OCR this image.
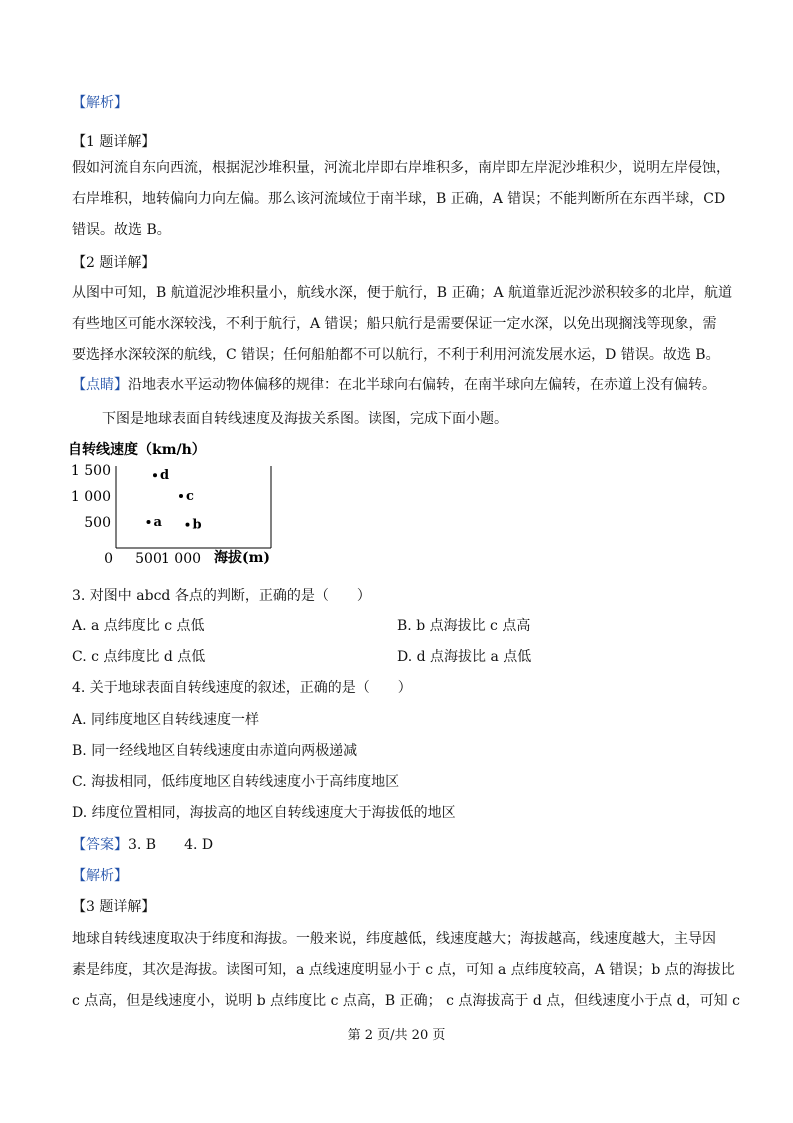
【解析】
【1 题详解】
假如河流自东向西流，根据泥沙堆积量，河流北岸即右岸堆积多，南岸即左岸泥沙堆积少，说明左岸侵蚀，
右岸堆积，地转偏向力向左偏。那么该河流域位于南半球，B 正确，A 错误；不能判断所在东西半球，CD
错误。故选 B。
【2 题详解】
从图中可知，B 航道泥沙堆积量小，航线水深，便于航行，B 正确；A 航道靠近泥沙淤积较多的北岸，航道
有些地区可能水深较浅，不利于航行，A 错误；船只航行是需要保证一定水深，以免出现搁浅等现象，需
要选择水深较深的航线，C 错误；任何船舶都不可以航行，不利于利用河流发展水运，D 错误。故选 B。
【点睛】沿地表水平运动物体偏移的规律：在北半球向右偏转，在南半球向左偏转，在赤道上没有偏转。
下图是地球表面自转线速度及海拔关系图。读图，完成下面小题。
自转线速度（km/h）
1 500
1 000
500
0 500 1 000
a b
c
d
海拔(m)
3. 对图中 abcd 各点的判断，正确的是（　　）
A. a 点纬度比 c 点低	B. b 点海拔比 c 点高
C. c 点纬度比 d 点低	D. d 点海拔比 a 点低
4. 关于地球表面自转线速度的叙述，正确的是（　　）
A. 同纬度地区自转线速度一样
B. 同一经线地区自转线速度由赤道向两极递减
C. 海拔相同，低纬度地区自转线速度小于高纬度地区
D. 纬度位置相同，海拔高的地区自转线速度大于海拔低的地区
【答案】3. B　　4. D
【解析】
【3 题详解】
地球自转线速度取决于纬度和海拔。一般来说，纬度越低，线速度越大；海拔越高，线速度越大，主导因
素是纬度，其次是海拔。读图可知，a 点线速度明显小于 c 点，可知 a 点纬度较高，A 错误；b 点的海拔比
c 点高，但是线速度小，说明 b 点纬度比 c 点高，B 正确； c 点海拔高于 d 点，但线速度小于点 d，可知 c
第 2 页/共 20 页
